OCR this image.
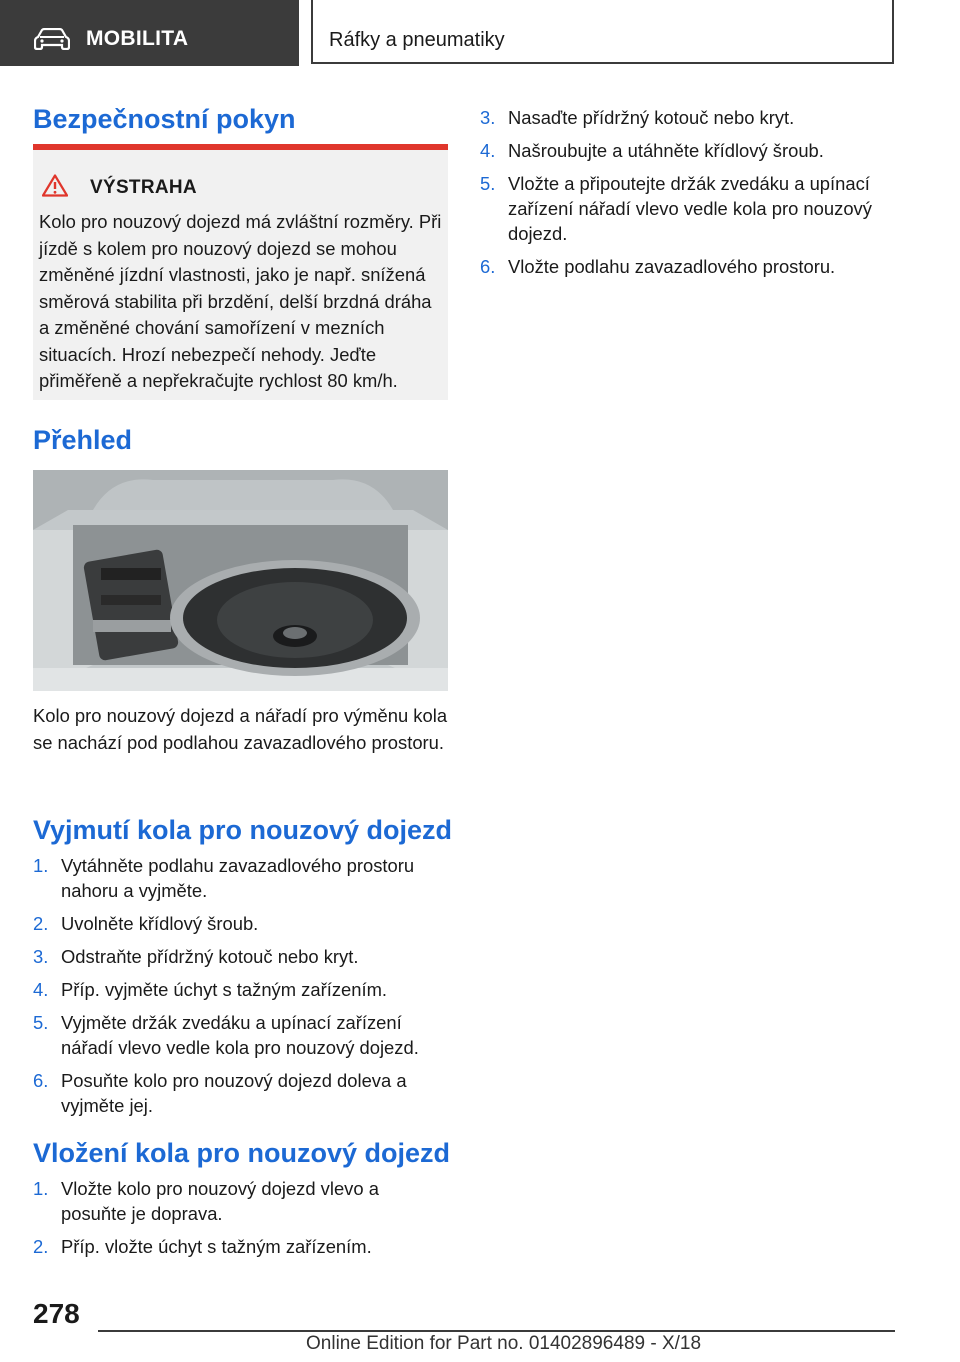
MOBILITA	Ráfky a pneumatiky
Bezpečnostní pokyn
VÝSTRAHA
Kolo pro nouzový dojezd má zvláštní rozměry. Při jízdě s kolem pro nouzový dojezd se mohou změněné jízdní vlastnosti, jako je např. snížená směrová stabilita při brzdění, delší brzdná dráha a změněné chování samořízení v mezních situacích. Hrozí nebezpečí nehody. Jeďte přiměřeně a nepřekračujte rychlost 80 km/h.
Přehled
Kolo pro nouzový dojezd a nářadí pro výměnu kola se nachází pod podlahou zavazadlového prostoru.
Vyjmutí kola pro nouzový dojezd
1. Vytáhněte podlahu zavazadlového prostoru nahoru a vyjměte.
2. Uvolněte křídlový šroub.
3. Odstraňte přídržný kotouč nebo kryt.
4. Příp. vyjměte úchyt s tažným zařízením.
5. Vyjměte držák zvedáku a upínací zařízení nářadí vlevo vedle kola pro nouzový dojezd.
6. Posuňte kolo pro nouzový dojezd doleva a vyjměte jej.
Vložení kola pro nouzový dojezd
1. Vložte kolo pro nouzový dojezd vlevo a posuňte je doprava.
2. Příp. vložte úchyt s tažným zařízením.
3. Nasaďte přídržný kotouč nebo kryt.
4. Našroubujte a utáhněte křídlový šroub.
5. Vložte a připoutejte držák zvedáku a upínací zařízení nářadí vlevo vedle kola pro nouzový dojezd.
6. Vložte podlahu zavazadlového prostoru.
278
Online Edition for Part no. 01402896489 - X/18
